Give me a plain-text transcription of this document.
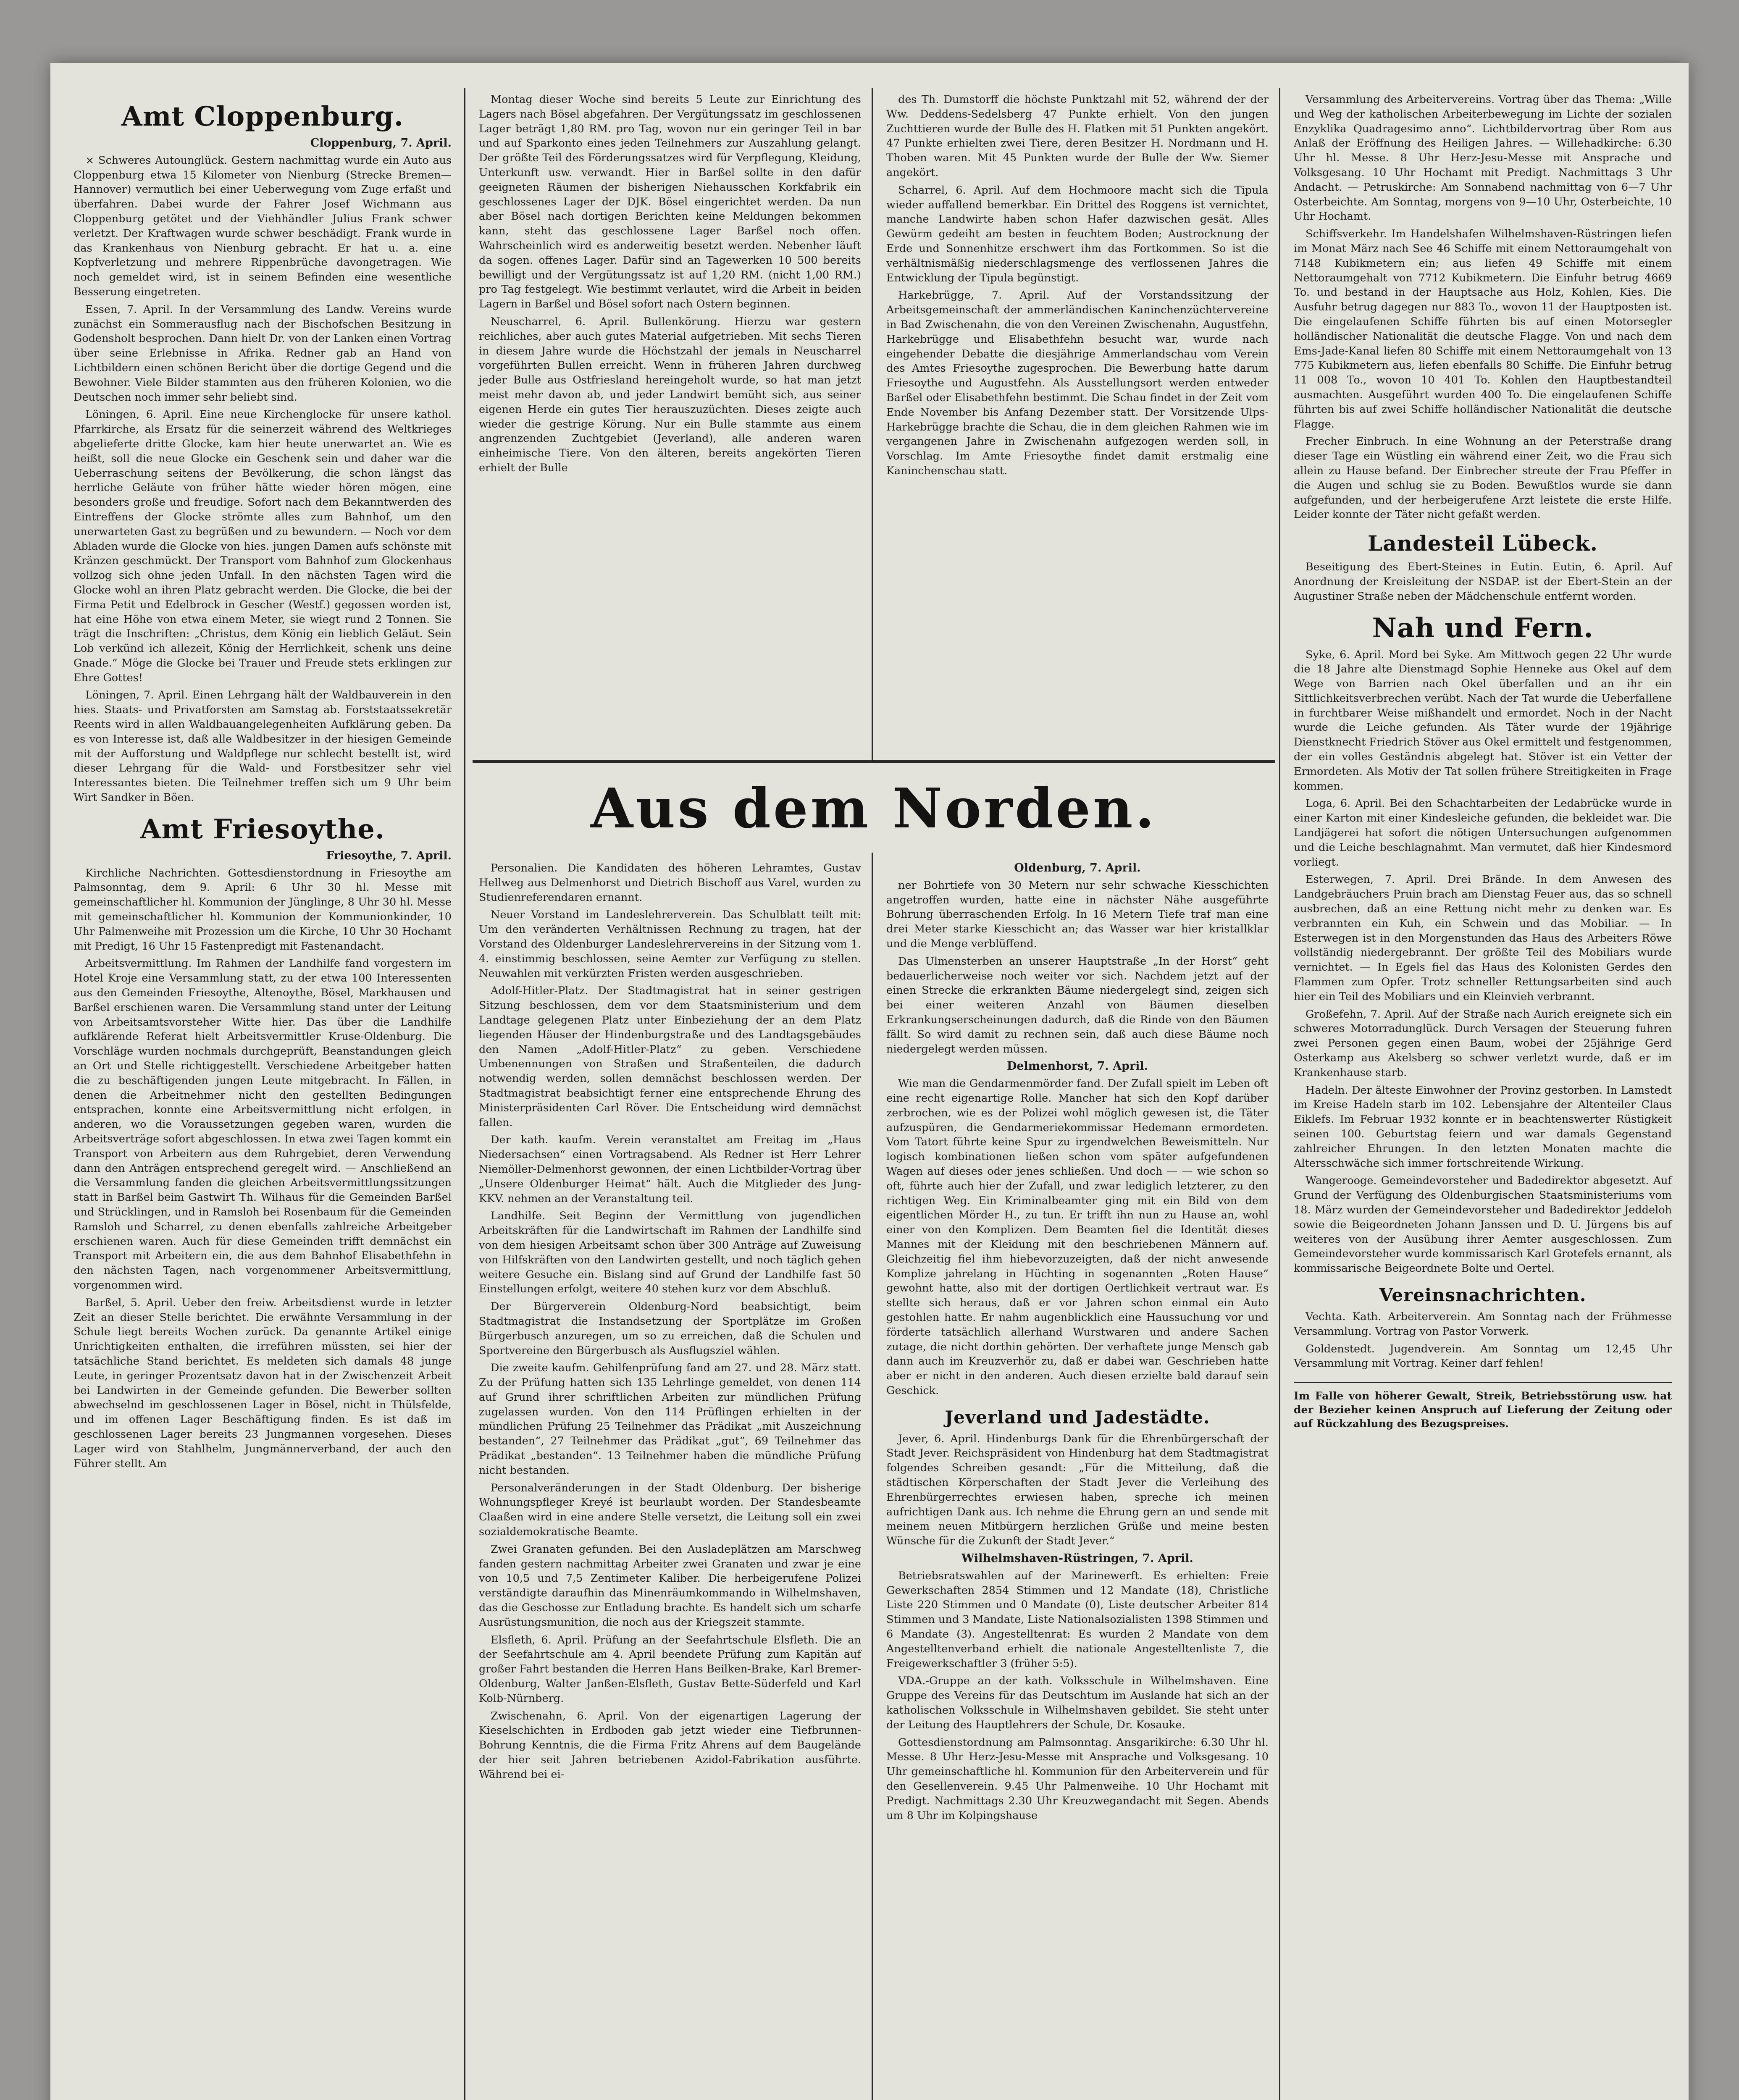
Aus dem Norden.
Amt Cloppenburg.
Cloppenburg, 7. April.

× Schweres Autounglück. Gestern nachmittag wurde ein Auto aus Cloppenburg etwa 15 Kilometer von Nienburg (Strecke Bremen—Hannover) vermutlich bei einer Ueberwegung vom Zuge erfaßt und überfahren. Dabei wurde der Fahrer Josef Wichmann aus Cloppenburg getötet und der Viehhändler Julius Frank schwer verletzt. Der Kraftwagen wurde schwer beschädigt. Frank wurde in das Krankenhaus von Nienburg gebracht. Er hat u. a. eine Kopfverletzung und mehrere Rippenbrüche davongetragen. Wie noch gemeldet wird, ist in seinem Befinden eine wesentliche Besserung eingetreten.

Essen, 7. April. In der Versammlung des Landw. Vereins wurde zunächst ein Sommerausflug nach der Bischofschen Besitzung in Godensholt besprochen. Dann hielt Dr. von der Lanken einen Vortrag über seine Erlebnisse in Afrika. Redner gab an Hand von Lichtbildern einen schönen Bericht über die dortige Gegend und die Bewohner. Viele Bilder stammten aus den früheren Kolonien, wo die Deutschen noch immer sehr beliebt sind.

Löningen, 6. April. Eine neue Kirchenglocke für unsere kathol. Pfarrkirche, als Ersatz für die seinerzeit während des Weltkrieges abgelieferte dritte Glocke, kam hier heute unerwartet an. Wie es heißt, soll die neue Glocke ein Geschenk sein und daher war die Ueberraschung seitens der Bevölkerung, die schon längst das herrliche Geläute von früher hätte wieder hören mögen, eine besonders große und freudige. Sofort nach dem Bekanntwerden des Eintreffens der Glocke strömte alles zum Bahnhof, um den unerwarteten Gast zu begrüßen und zu bewundern. — Noch vor dem Abladen wurde die Glocke von hies. jungen Damen aufs schönste mit Kränzen geschmückt. Der Transport vom Bahnhof zum Glockenhaus vollzog sich ohne jeden Unfall. In den nächsten Tagen wird die Glocke wohl an ihren Platz gebracht werden. Die Glocke, die bei der Firma Petit und Edelbrock in Gescher (Westf.) gegossen worden ist, hat eine Höhe von etwa einem Meter, sie wiegt rund 2 Tonnen. Sie trägt die Inschriften: „Christus, dem König ein lieblich Geläut. Sein Lob verkünd ich allezeit, König der Herrlichkeit, schenk uns deine Gnade.“ Möge die Glocke bei Trauer und Freude stets erklingen zur Ehre Gottes!

Löningen, 7. April. Einen Lehrgang hält der Waldbauverein in den hies. Staats- und Privatforsten am Samstag ab. Forststaatssekretär Reents wird in allen Waldbauangelegenheiten Aufklärung geben. Da es von Interesse ist, daß alle Waldbesitzer in der hiesigen Gemeinde mit der Aufforstung und Waldpflege nur schlecht bestellt ist, wird dieser Lehrgang für die Wald- und Forstbesitzer sehr viel Interessantes bieten. Die Teilnehmer treffen sich um 9 Uhr beim Wirt Sandker in Böen.

Amt Friesoythe.
Friesoythe, 7. April.

Kirchliche Nachrichten. Gottesdienstordnung in Friesoythe am Palmsonntag, dem 9. April: 6 Uhr 30 hl. Messe mit gemeinschaftlicher hl. Kommunion der Jünglinge, 8 Uhr 30 hl. Messe mit gemeinschaftlicher hl. Kommunion der Kommunionkinder, 10 Uhr Palmenweihe mit Prozession um die Kirche, 10 Uhr 30 Hochamt mit Predigt, 16 Uhr 15 Fastenpredigt mit Fastenandacht.

Arbeitsvermittlung. Im Rahmen der Landhilfe fand vorgestern im Hotel Kroje eine Versammlung statt, zu der etwa 100 Interessenten aus den Gemeinden Friesoythe, Altenoythe, Bösel, Markhausen und Barßel erschienen waren. Die Versammlung stand unter der Leitung von Arbeitsamtsvorsteher Witte hier. Das über die Landhilfe aufklärende Referat hielt Arbeitsvermittler Kruse-Oldenburg. Die Vorschläge wurden nochmals durchgeprüft, Beanstandungen gleich an Ort und Stelle richtiggestellt. Verschiedene Arbeitgeber hatten die zu beschäftigenden jungen Leute mitgebracht. In Fällen, in denen die Arbeitnehmer nicht den gestellten Bedingungen entsprachen, konnte eine Arbeitsvermittlung nicht erfolgen, in anderen, wo die Voraussetzungen gegeben waren, wurden die Arbeitsverträge sofort abgeschlossen. In etwa zwei Tagen kommt ein Transport von Arbeitern aus dem Ruhrgebiet, deren Verwendung dann den Anträgen entsprechend geregelt wird. — Anschließend an die Versammlung fanden die gleichen Arbeitsvermittlungssitzungen statt in Barßel beim Gastwirt Th. Wilhaus für die Gemeinden Barßel und Strücklingen, und in Ramsloh bei Rosenbaum für die Gemeinden Ramsloh und Scharrel, zu denen ebenfalls zahlreiche Arbeitgeber erschienen waren. Auch für diese Gemeinden trifft demnächst ein Transport mit Arbeitern ein, die aus dem Bahnhof Elisabethfehn in den nächsten Tagen, nach vorgenommener Arbeitsvermittlung, vorgenommen wird.

Barßel, 5. April. Ueber den freiw. Arbeitsdienst wurde in letzter Zeit an dieser Stelle berichtet. Die erwähnte Versammlung in der Schule liegt bereits Wochen zurück. Da genannte Artikel einige Unrichtigkeiten enthalten, die irreführen müssten, sei hier der tatsächliche Stand berichtet. Es meldeten sich damals 48 junge Leute, in geringer Prozentsatz davon hat in der Zwischenzeit Arbeit bei Landwirten in der Gemeinde gefunden. Die Bewerber sollten abwechselnd im geschlossenen Lager in Bösel, nicht in Thülsfelde, und im offenen Lager Beschäftigung finden. Es ist daß im geschlossenen Lager bereits 23 Jungmannen vorgesehen. Dieses Lager wird von Stahlhelm, Jungmännerverband, der auch den Führer stellt. Am

Montag dieser Woche sind bereits 5 Leute zur Einrichtung des Lagers nach Bösel abgefahren. Der Vergütungssatz im geschlossenen Lager beträgt 1,80 RM. pro Tag, wovon nur ein geringer Teil in bar und auf Sparkonto eines jeden Teilnehmers zur Auszahlung gelangt. Der größte Teil des Förderungssatzes wird für Verpflegung, Kleidung, Unterkunft usw. verwandt. Hier in Barßel sollte in den dafür geeigneten Räumen der bisherigen Niehausschen Korkfabrik ein geschlossenes Lager der DJK. Bösel eingerichtet werden. Da nun aber Bösel nach dortigen Berichten keine Meldungen bekommen kann, steht das geschlossene Lager Barßel noch offen. Wahrscheinlich wird es anderweitig besetzt werden. Nebenher läuft da sogen. offenes Lager. Dafür sind an Tagewerken 10 500 bereits bewilligt und der Vergütungssatz ist auf 1,20 RM. (nicht 1,00 RM.) pro Tag festgelegt. Wie bestimmt verlautet, wird die Arbeit in beiden Lagern in Barßel und Bösel sofort nach Ostern beginnen.

Neuscharrel, 6. April. Bullenkörung. Hierzu war gestern reichliches, aber auch gutes Material aufgetrieben. Mit sechs Tieren in diesem Jahre wurde die Höchstzahl der jemals in Neuscharrel vorgeführten Bullen erreicht. Wenn in früheren Jahren durchweg jeder Bulle aus Ostfriesland hereingeholt wurde, so hat man jetzt meist mehr davon ab, und jeder Landwirt bemüht sich, aus seiner eigenen Herde ein gutes Tier herauszuzüchten. Dieses zeigte auch wieder die gestrige Körung. Nur ein Bulle stammte aus einem angrenzenden Zuchtgebiet (Jeverland), alle anderen waren einheimische Tiere. Von den älteren, bereits angekörten Tieren erhielt der Bulle

Personalien. Die Kandidaten des höheren Lehramtes, Gustav Hellweg aus Delmenhorst und Dietrich Bischoff aus Varel, wurden zu Studienreferendaren ernannt.

Neuer Vorstand im Landeslehrerverein. Das Schulblatt teilt mit: Um den veränderten Verhältnissen Rechnung zu tragen, hat der Vorstand des Oldenburger Landeslehrervereins in der Sitzung vom 1. 4. einstimmig beschlossen, seine Aemter zur Verfügung zu stellen. Neuwahlen mit verkürzten Fristen werden ausgeschrieben.

Adolf-Hitler-Platz. Der Stadtmagistrat hat in seiner gestrigen Sitzung beschlossen, dem vor dem Staatsministerium und dem Landtage gelegenen Platz unter Einbeziehung der an dem Platz liegenden Häuser der Hindenburgstraße und des Landtagsgebäudes den Namen „Adolf-Hitler-Platz“ zu geben. Verschiedene Umbenennungen von Straßen und Straßenteilen, die dadurch notwendig werden, sollen demnächst beschlossen werden. Der Stadtmagistrat beabsichtigt ferner eine entsprechende Ehrung des Ministerpräsidenten Carl Röver. Die Entscheidung wird demnächst fallen.

Der kath. kaufm. Verein veranstaltet am Freitag im „Haus Niedersachsen“ einen Vortragsabend. Als Redner ist Herr Lehrer Niemöller-Delmenhorst gewonnen, der einen Lichtbilder-Vortrag über „Unsere Oldenburger Heimat“ hält. Auch die Mitglieder des Jung-KKV. nehmen an der Veranstaltung teil.

Landhilfe. Seit Beginn der Vermittlung von jugendlichen Arbeitskräften für die Landwirtschaft im Rahmen der Landhilfe sind von dem hiesigen Arbeitsamt schon über 300 Anträge auf Zuweisung von Hilfskräften von den Landwirten gestellt, und noch täglich gehen weitere Gesuche ein. Bislang sind auf Grund der Landhilfe fast 50 Einstellungen erfolgt, weitere 40 stehen kurz vor dem Abschluß.

Der Bürgerverein Oldenburg-Nord beabsichtigt, beim Stadtmagistrat die Instandsetzung der Sportplätze im Großen Bürgerbusch anzuregen, um so zu erreichen, daß die Schulen und Sportvereine den Bürgerbusch als Ausflugsziel wählen.

Die zweite kaufm. Gehilfenprüfung fand am 27. und 28. März statt. Zu der Prüfung hatten sich 135 Lehrlinge gemeldet, von denen 114 auf Grund ihrer schriftlichen Arbeiten zur mündlichen Prüfung zugelassen wurden. Von den 114 Prüflingen erhielten in der mündlichen Prüfung 25 Teilnehmer das Prädikat „mit Auszeichnung bestanden“, 27 Teilnehmer das Prädikat „gut“, 69 Teilnehmer das Prädikat „bestanden“. 13 Teilnehmer haben die mündliche Prüfung nicht bestanden.

Personalveränderungen in der Stadt Oldenburg. Der bisherige Wohnungspfleger Kreyé ist beurlaubt worden. Der Standesbeamte Claaßen wird in eine andere Stelle versetzt, die Leitung soll ein zwei sozialdemokratische Beamte.

Zwei Granaten gefunden. Bei den Ausladeplätzen am Marschweg fanden gestern nachmittag Arbeiter zwei Granaten und zwar je eine von 10,5 und 7,5 Zentimeter Kaliber. Die herbeigerufene Polizei verständigte daraufhin das Minenräumkommando in Wilhelmshaven, das die Geschosse zur Entladung brachte. Es handelt sich um scharfe Ausrüstungsmunition, die noch aus der Kriegszeit stammte.

Elsfleth, 6. April. Prüfung an der Seefahrtschule Elsfleth. Die an der Seefahrtschule am 4. April beendete Prüfung zum Kapitän auf großer Fahrt bestanden die Herren Hans Beilken-Brake, Karl Bremer-Oldenburg, Walter Janßen-Elsfleth, Gustav Bette-Süderfeld und Karl Kolb-Nürnberg.

Zwischenahn, 6. April. Von der eigenartigen Lagerung der Kieselschichten in Erdboden gab jetzt wieder eine Tiefbrunnen-Bohrung Kenntnis, die die Firma Fritz Ahrens auf dem Baugelände der hier seit Jahren betriebenen Azidol-Fabrikation ausführte. Während bei ei-

des Th. Dumstorff die höchste Punktzahl mit 52, während der der Ww. Deddens-Sedelsberg 47 Punkte erhielt. Von den jungen Zuchttieren wurde der Bulle des H. Flatken mit 51 Punkten angekört. 47 Punkte erhielten zwei Tiere, deren Besitzer H. Nordmann und H. Thoben waren. Mit 45 Punkten wurde der Bulle der Ww. Siemer angekört.

Scharrel, 6. April. Auf dem Hochmoore macht sich die Tipula wieder auffallend bemerkbar. Ein Drittel des Roggens ist vernichtet, manche Landwirte haben schon Hafer dazwischen gesät. Alles Gewürm gedeiht am besten in feuchtem Boden; Austrocknung der Erde und Sonnenhitze erschwert ihm das Fortkommen. So ist die verhältnismäßig niederschlagsmenge des verflossenen Jahres die Entwicklung der Tipula begünstigt.

Harkebrügge, 7. April. Auf der Vorstandssitzung der Arbeitsgemeinschaft der ammerländischen Kaninchenzüchtervereine in Bad Zwischenahn, die von den Vereinen Zwischenahn, Augustfehn, Harkebrügge und Elisabethfehn besucht war, wurde nach eingehender Debatte die diesjährige Ammerlandschau vom Verein des Amtes Friesoythe zugesprochen. Die Bewerbung hatte darum Friesoythe und Augustfehn. Als Ausstellungsort werden entweder Barßel oder Elisabethfehn bestimmt. Die Schau findet in der Zeit vom Ende November bis Anfang Dezember statt. Der Vorsitzende Ulps-Harkebrügge brachte die Schau, die in dem gleichen Rahmen wie im vergangenen Jahre in Zwischenahn aufgezogen werden soll, in Vorschlag. Im Amte Friesoythe findet damit erstmalig eine Kaninchenschau statt.

Oldenburg, 7. April.

ner Bohrtiefe von 30 Metern nur sehr schwache Kiesschichten angetroffen wurden, hatte eine in nächster Nähe ausgeführte Bohrung überraschenden Erfolg. In 16 Metern Tiefe traf man eine drei Meter starke Kiesschicht an; das Wasser war hier kristallklar und die Menge verblüffend.

Das Ulmensterben an unserer Hauptstraße „In der Horst“ geht bedauerlicherweise noch weiter vor sich. Nachdem jetzt auf der einen Strecke die erkrankten Bäume niedergelegt sind, zeigen sich bei einer weiteren Anzahl von Bäumen dieselben Erkrankungserscheinungen dadurch, daß die Rinde von den Bäumen fällt. So wird damit zu rechnen sein, daß auch diese Bäume noch niedergelegt werden müssen.

Delmenhorst, 7. April.

Wie man die Gendarmenmörder fand. Der Zufall spielt im Leben oft eine recht eigenartige Rolle. Mancher hat sich den Kopf darüber zerbrochen, wie es der Polizei wohl möglich gewesen ist, die Täter aufzuspüren, die Gendarmeriekommissar Hedemann ermordeten. Vom Tatort führte keine Spur zu irgendwelchen Beweismitteln. Nur logisch kombinationen ließen schon vom später aufgefundenen Wagen auf dieses oder jenes schließen. Und doch — — wie schon so oft, führte auch hier der Zufall, und zwar lediglich letzterer, zu den richtigen Weg. Ein Kriminalbeamter ging mit ein Bild von dem eigentlichen Mörder H., zu tun. Er trifft ihn nun zu Hause an, wohl einer von den Komplizen. Dem Beamten fiel die Identität dieses Mannes mit der Kleidung mit den beschriebenen Männern auf. Gleichzeitig fiel ihm hiebevorzuzeigten, daß der nicht anwesende Komplize jahrelang in Hüchting in sogenannten „Roten Hause“ gewohnt hatte, also mit der dortigen Oertlichkeit vertraut war. Es stellte sich heraus, daß er vor Jahren schon einmal ein Auto gestohlen hatte. Er nahm augenblicklich eine Haussuchung vor und förderte tatsächlich allerhand Wurstwaren und andere Sachen zutage, die nicht dorthin gehörten. Der verhaftete junge Mensch gab dann auch im Kreuzverhör zu, daß er dabei war. Geschrieben hatte aber er nicht in den anderen. Auch diesen erzielte bald darauf sein Geschick.

Jeverland und Jadestädte.

Jever, 6. April. Hindenburgs Dank für die Ehrenbürgerschaft der Stadt Jever. Reichspräsident von Hindenburg hat dem Stadtmagistrat folgendes Schreiben gesandt: „Für die Mitteilung, daß die städtischen Körperschaften der Stadt Jever die Verleihung des Ehrenbürgerrechtes erwiesen haben, spreche ich meinen aufrichtigen Dank aus. Ich nehme die Ehrung gern an und sende mit meinem neuen Mitbürgern herzlichen Grüße und meine besten Wünsche für die Zukunft der Stadt Jever.“

Wilhelmshaven-Rüstringen, 7. April.

Betriebsratswahlen auf der Marinewerft. Es erhielten: Freie Gewerkschaften 2854 Stimmen und 12 Mandate (18), Christliche Liste 220 Stimmen und 0 Mandate (0), Liste deutscher Arbeiter 814 Stimmen und 3 Mandate, Liste Nationalsozialisten 1398 Stimmen und 6 Mandate (3). Angestelltenrat: Es wurden 2 Mandate von dem Angestelltenverband erhielt die nationale Angestelltenliste 7, die Freigewerkschaftler 3 (früher 5:5).

VDA.-Gruppe an der kath. Volksschule in Wilhelmshaven. Eine Gruppe des Vereins für das Deutschtum im Auslande hat sich an der katholischen Volksschule in Wilhelmshaven gebildet. Sie steht unter der Leitung des Hauptlehrers der Schule, Dr. Kosauke.

Gottesdienstordnung am Palmsonntag. Ansgarikirche: 6.30 Uhr hl. Messe. 8 Uhr Herz-Jesu-Messe mit Ansprache und Volksgesang. 10 Uhr gemeinschaftliche hl. Kommunion für den Arbeiterverein und für den Gesellenverein. 9.45 Uhr Palmenweihe. 10 Uhr Hochamt mit Predigt. Nachmittags 2.30 Uhr Kreuzwegandacht mit Segen. Abends um 8 Uhr im Kolpingshause

Versammlung des Arbeitervereins. Vortrag über das Thema: „Wille und Weg der katholischen Arbeiterbewegung im Lichte der sozialen Enzyklika Quadragesimo anno“. Lichtbildervortrag über Rom aus Anlaß der Eröffnung des Heiligen Jahres. — Willehadkirche: 6.30 Uhr hl. Messe. 8 Uhr Herz-Jesu-Messe mit Ansprache und Volksgesang. 10 Uhr Hochamt mit Predigt. Nachmittags 3 Uhr Andacht. — Petruskirche: Am Sonnabend nachmittag von 6—7 Uhr Osterbeichte. Am Sonntag, morgens von 9—10 Uhr, Osterbeichte, 10 Uhr Hochamt.

Schiffsverkehr. Im Handelshafen Wilhelmshaven-Rüstringen liefen im Monat März nach See 46 Schiffe mit einem Nettoraumgehalt von 7148 Kubikmetern ein; aus liefen 49 Schiffe mit einem Nettoraumgehalt von 7712 Kubikmetern. Die Einfuhr betrug 4669 To. und bestand in der Hauptsache aus Holz, Kohlen, Kies. Die Ausfuhr betrug dagegen nur 883 To., wovon 11 der Hauptposten ist. Die eingelaufenen Schiffe führten bis auf einen Motorsegler holländischer Nationalität die deutsche Flagge. Von und nach dem Ems-Jade-Kanal liefen 80 Schiffe mit einem Nettoraumgehalt von 13 775 Kubikmetern aus, liefen ebenfalls 80 Schiffe. Die Einfuhr betrug 11 008 To., wovon 10 401 To. Kohlen den Hauptbestandteil ausmachten. Ausgeführt wurden 400 To. Die eingelaufenen Schiffe führten bis auf zwei Schiffe holländischer Nationalität die deutsche Flagge.

Frecher Einbruch. In eine Wohnung an der Peterstraße drang dieser Tage ein Wüstling ein während einer Zeit, wo die Frau sich allein zu Hause befand. Der Einbrecher streute der Frau Pfeffer in die Augen und schlug sie zu Boden. Bewußtlos wurde sie dann aufgefunden, und der herbeigerufene Arzt leistete die erste Hilfe. Leider konnte der Täter nicht gefaßt werden.

Landesteil Lübeck.

Beseitigung des Ebert-Steines in Eutin. Eutin, 6. April. Auf Anordnung der Kreisleitung der NSDAP. ist der Ebert-Stein an der Augustiner Straße neben der Mädchenschule entfernt worden.

Nah und Fern.

Syke, 6. April. Mord bei Syke. Am Mittwoch gegen 22 Uhr wurde die 18 Jahre alte Dienstmagd Sophie Henneke aus Okel auf dem Wege von Barrien nach Okel überfallen und an ihr ein Sittlichkeitsverbrechen verübt. Nach der Tat wurde die Ueberfallene in furchtbarer Weise mißhandelt und ermordet. Noch in der Nacht wurde die Leiche gefunden. Als Täter wurde der 19jährige Dienstknecht Friedrich Stöver aus Okel ermittelt und festgenommen, der ein volles Geständnis abgelegt hat. Stöver ist ein Vetter der Ermordeten. Als Motiv der Tat sollen frühere Streitigkeiten in Frage kommen.

Loga, 6. April. Bei den Schachtarbeiten der Ledabrücke wurde in einer Karton mit einer Kindesleiche gefunden, die bekleidet war. Die Landjägerei hat sofort die nötigen Untersuchungen aufgenommen und die Leiche beschlagnahmt. Man vermutet, daß hier Kindesmord vorliegt.

Esterwegen, 7. April. Drei Brände. In dem Anwesen des Landgebräuchers Pruin brach am Dienstag Feuer aus, das so schnell ausbrechen, daß an eine Rettung nicht mehr zu denken war. Es verbrannten ein Kuh, ein Schwein und das Mobiliar. — In Esterwegen ist in den Morgenstunden das Haus des Arbeiters Röwe vollständig niedergebrannt. Der größte Teil des Mobiliars wurde vernichtet. — In Egels fiel das Haus des Kolonisten Gerdes den Flammen zum Opfer. Trotz schneller Rettungsarbeiten sind auch hier ein Teil des Mobiliars und ein Kleinvieh verbrannt.

Großefehn, 7. April. Auf der Straße nach Aurich ereignete sich ein schweres Motorradunglück. Durch Versagen der Steuerung fuhren zwei Personen gegen einen Baum, wobei der 25jährige Gerd Osterkamp aus Akelsberg so schwer verletzt wurde, daß er im Krankenhause starb.

Hadeln. Der älteste Einwohner der Provinz gestorben. In Lamstedt im Kreise Hadeln starb im 102. Lebensjahre der Altenteiler Claus Eiklefs. Im Februar 1932 konnte er in beachtenswerter Rüstigkeit seinen 100. Geburtstag feiern und war damals Gegenstand zahlreicher Ehrungen. In den letzten Monaten machte die Altersschwäche sich immer fortschreitende Wirkung.

Wangerooge. Gemeindevorsteher und Badedirektor abgesetzt. Auf Grund der Verfügung des Oldenburgischen Staatsministeriums vom 18. März wurden der Gemeindevorsteher und Badedirektor Jeddeloh sowie die Beigeordneten Johann Janssen und D. U. Jürgens bis auf weiteres von der Ausübung ihrer Aemter ausgeschlossen. Zum Gemeindevorsteher wurde kommissarisch Karl Grotefels ernannt, als kommissarische Beigeordnete Bolte und Oertel.

Vereinsnachrichten.

Vechta. Kath. Arbeiterverein. Am Sonntag nach der Frühmesse Versammlung. Vortrag von Pastor Vorwerk.

Goldenstedt. Jugendverein. Am Sonntag um 12,45 Uhr Versammlung mit Vortrag. Keiner darf fehlen!

Im Falle von höherer Gewalt, Streik, Betriebsstörung usw. hat der Bezieher keinen Anspruch auf Lieferung der Zeitung oder auf Rückzahlung des Bezugspreises.
